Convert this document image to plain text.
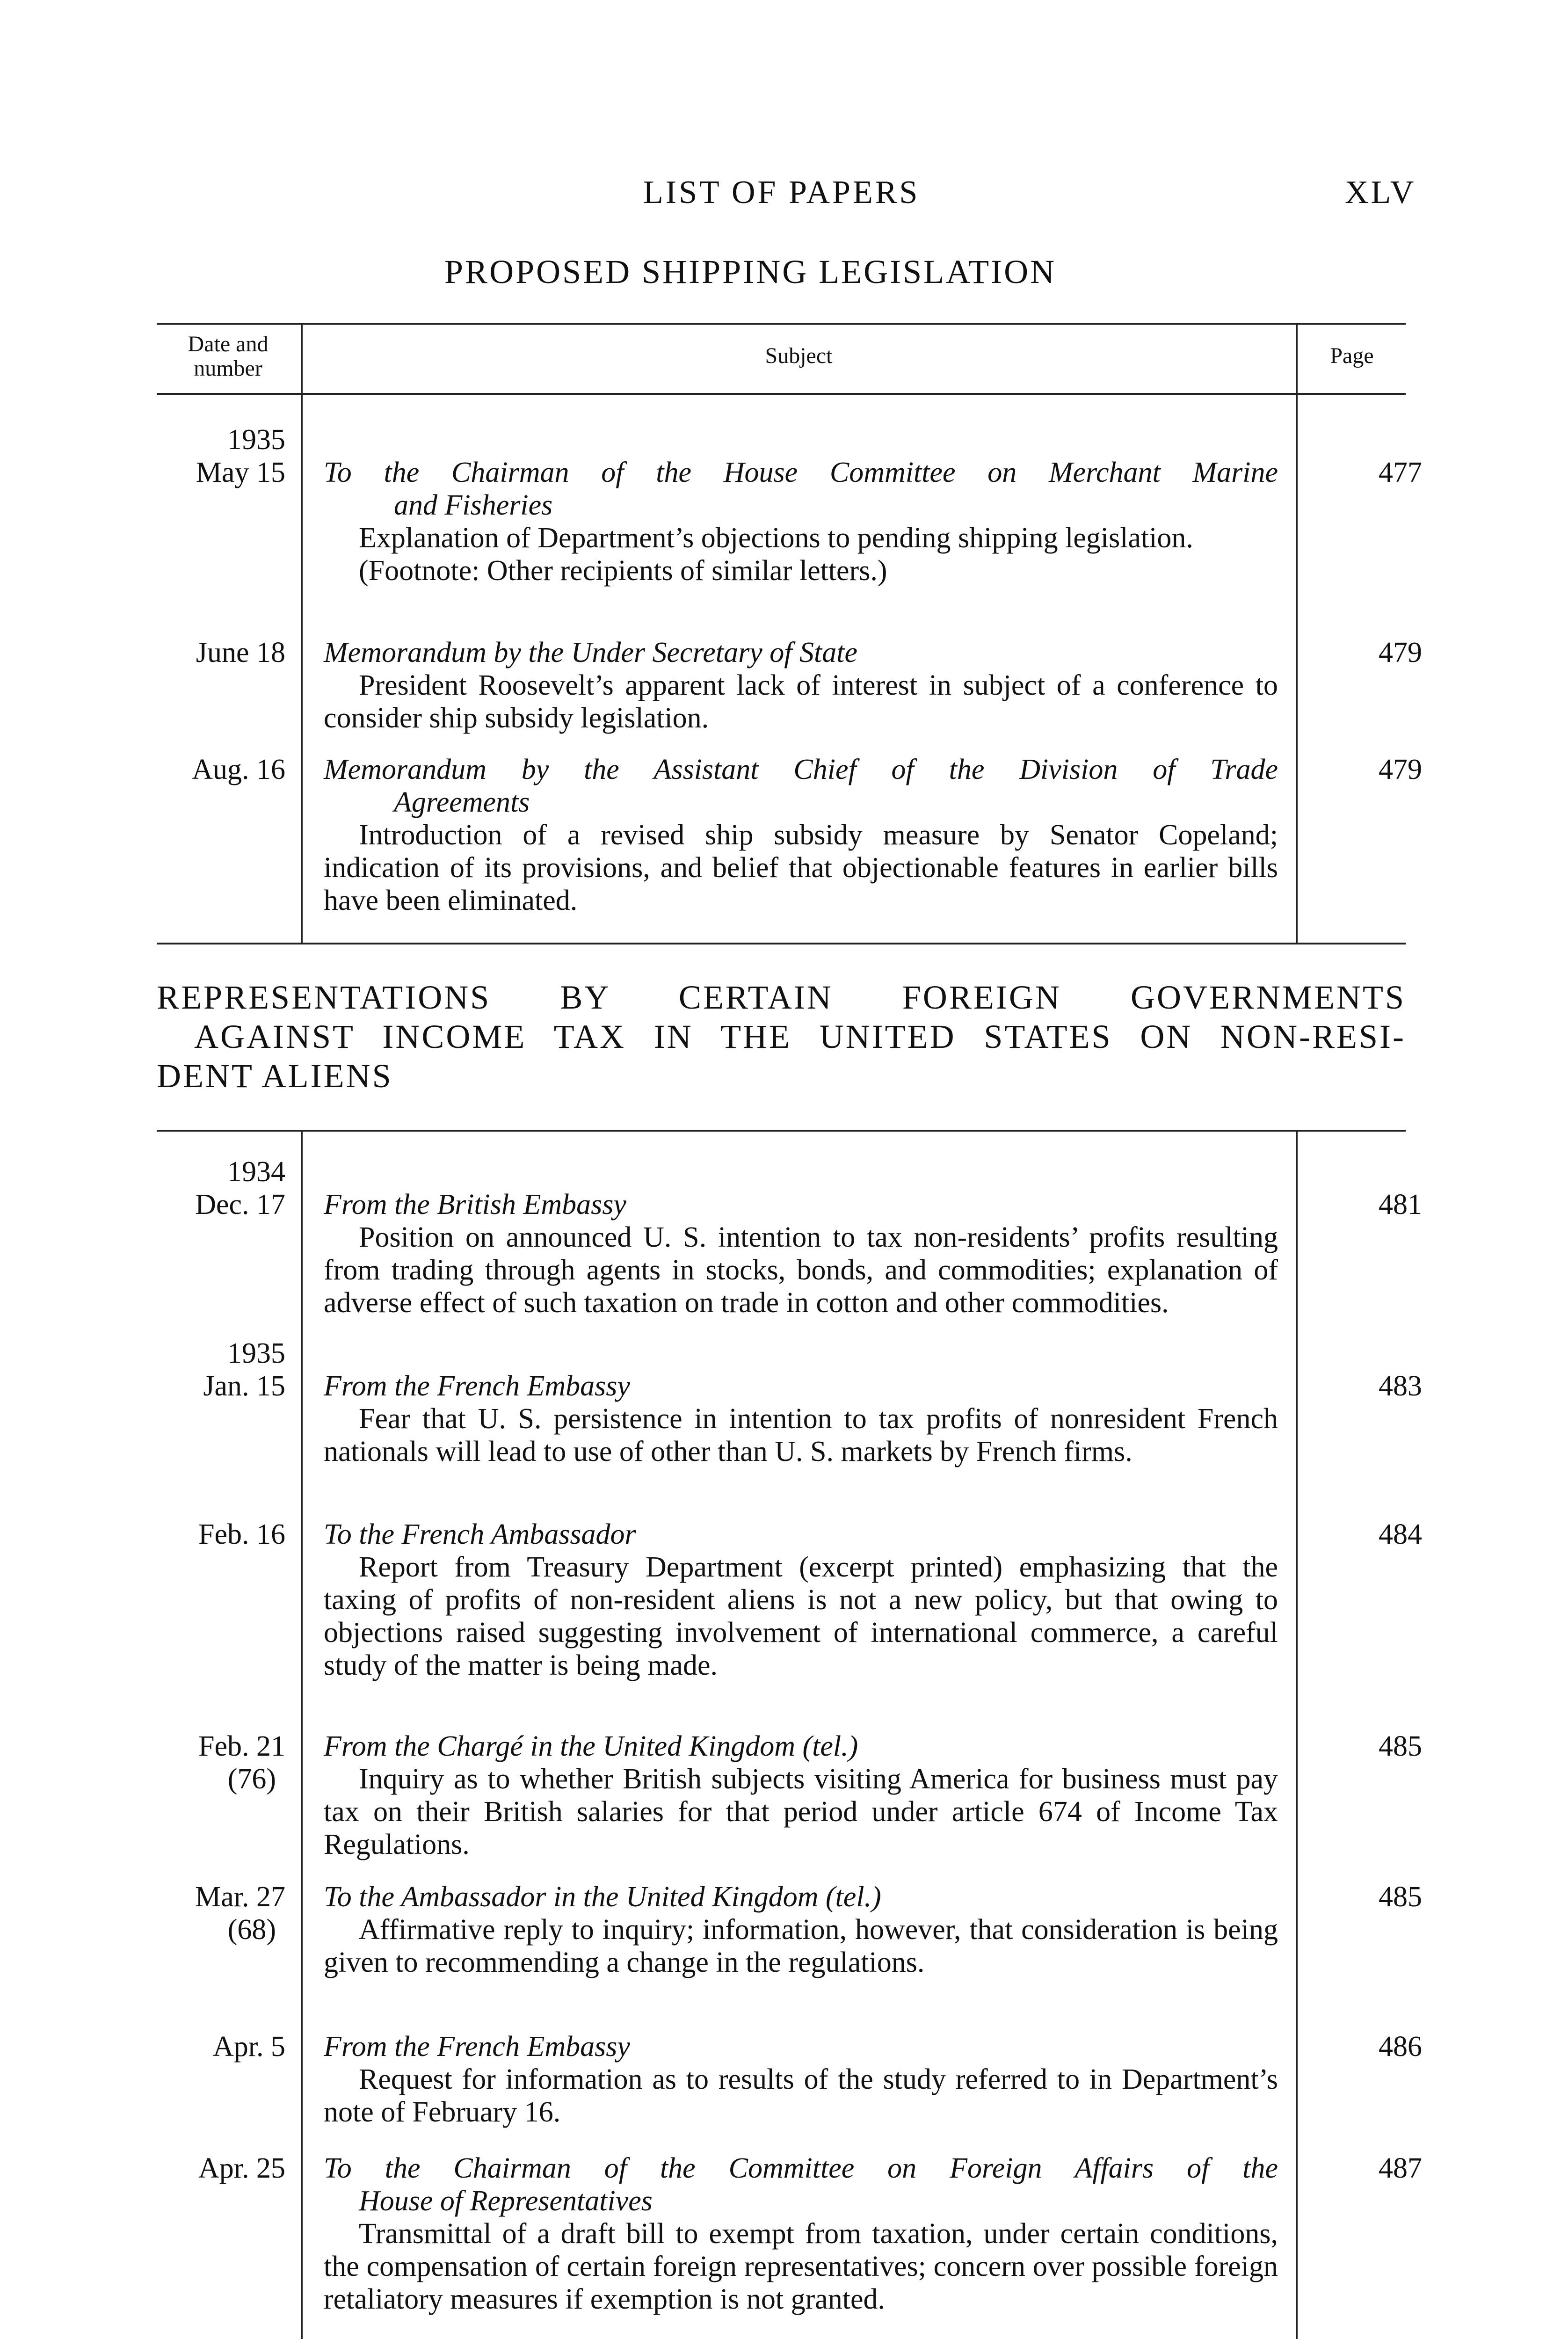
LIST OF PAPERS	XLV
PROPOSED SHIPPING LEGISLATION
Date and
number
Subject	Page
1935
May 15 To the Chairman of the House Committee on Merchant Marine
and Fisheries
Explanation of Department’s objections to pending shipping legislation.
(Footnote: Other recipients of similar letters.)
477
June 18 Memorandum by the Under Secretary of State
President Roosevelt’s apparent lack of interest in subject of a conference to consider ship subsidy legislation.
479
Aug. 16 Memorandum by the Assistant Chief of the Division of Trade
Agreements
Introduction of a revised ship subsidy measure by Senator Copeland; indication of its provisions, and belief that objectionable features in earlier bills have been eliminated.
479
REPRESENTATIONS BY CERTAIN FOREIGN GOVERNMENTS
AGAINST INCOME TAX IN THE UNITED STATES ON NON-RESI-
DENT ALIENS
1934
Dec. 17 From the British Embassy
Position on announced U. S. intention to tax non-residents’ profits resulting from trading through agents in stocks, bonds, and commodities; explanation of adverse effect of such taxation on trade in cotton and other commodities.
481
1935
Jan. 15 From the French Embassy
Fear that U. S. persistence in intention to tax profits of nonresident French nationals will lead to use of other than U. S. markets by French firms.
483
Feb. 16 To the French Ambassador
Report from Treasury Department (excerpt printed) emphasizing that the taxing of profits of non-resident aliens is not a new policy, but that owing to objections raised suggesting involvement of international commerce, a careful study of the matter is being made.
484
Feb. 21
(76)
From the Chargé in the United Kingdom (tel.)
Inquiry as to whether British subjects visiting America for business must pay tax on their British salaries for that period under article 674 of Income Tax Regulations.
485
Mar. 27
(68)
To the Ambassador in the United Kingdom (tel.)
Affirmative reply to inquiry; information, however, that consideration is being given to recommending a change in the regulations.
485
Apr. 5 From the French Embassy
Request for information as to results of the study referred to in Department’s note of February 16.
486
Apr. 25 To the Chairman of the Committee on Foreign Affairs of the
House of Representatives
Transmittal of a draft bill to exempt from taxation, under certain conditions, the compensation of certain foreign representatives; concern over possible foreign retaliatory measures if exemption is not granted.
487
